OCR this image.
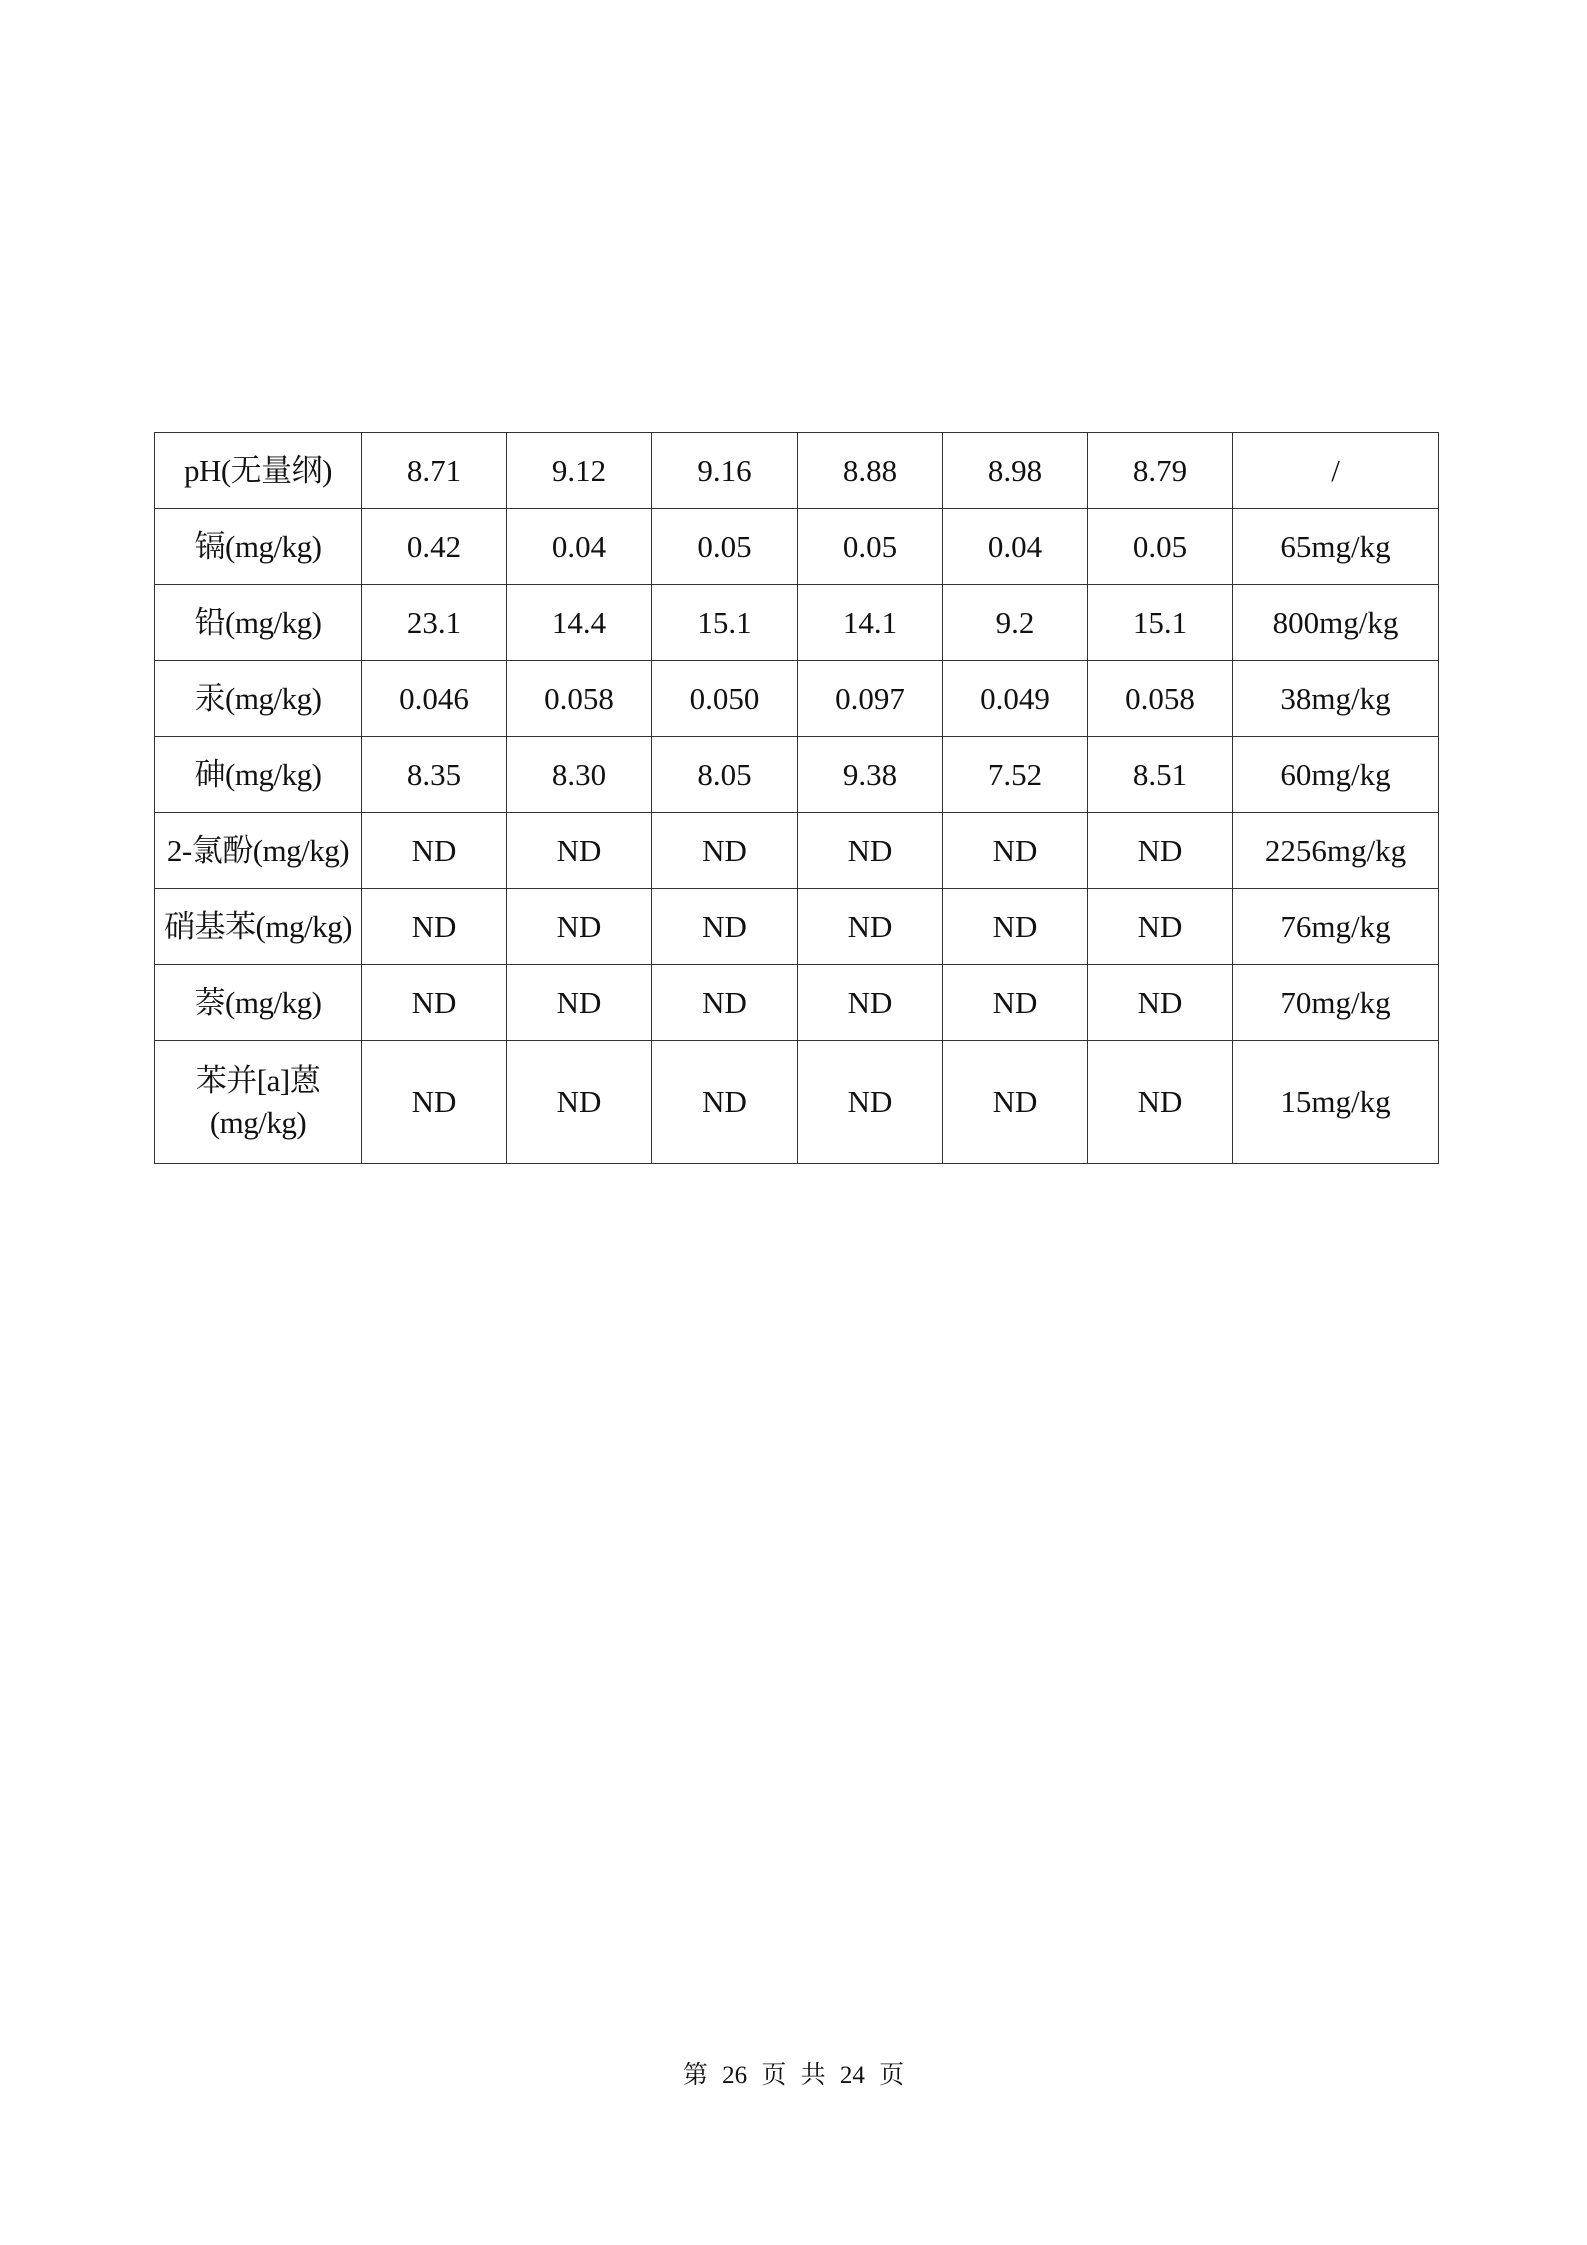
pH(无量纲)	8.71	9.12	9.16	8.88	8.98	8.79	/
镉(mg/kg)	0.42	0.04	0.05	0.05	0.04	0.05	65mg/kg
铅(mg/kg)	23.1	14.4	15.1	14.1	9.2	15.1	800mg/kg
汞(mg/kg)	0.046	0.058	0.050	0.097	0.049	0.058	38mg/kg
砷(mg/kg)	8.35	8.30	8.05	9.38	7.52	8.51	60mg/kg
2-氯酚(mg/kg)	ND	ND	ND	ND	ND	ND	2256mg/kg
硝基苯(mg/kg)	ND	ND	ND	ND	ND	ND	76mg/kg
萘(mg/kg)	ND	ND	ND	ND	ND	ND	70mg/kg

苯并[a]蒽
(mg/kg)	ND	ND	ND	ND	ND	ND	15mg/kg
第 26 页 共 24 页
